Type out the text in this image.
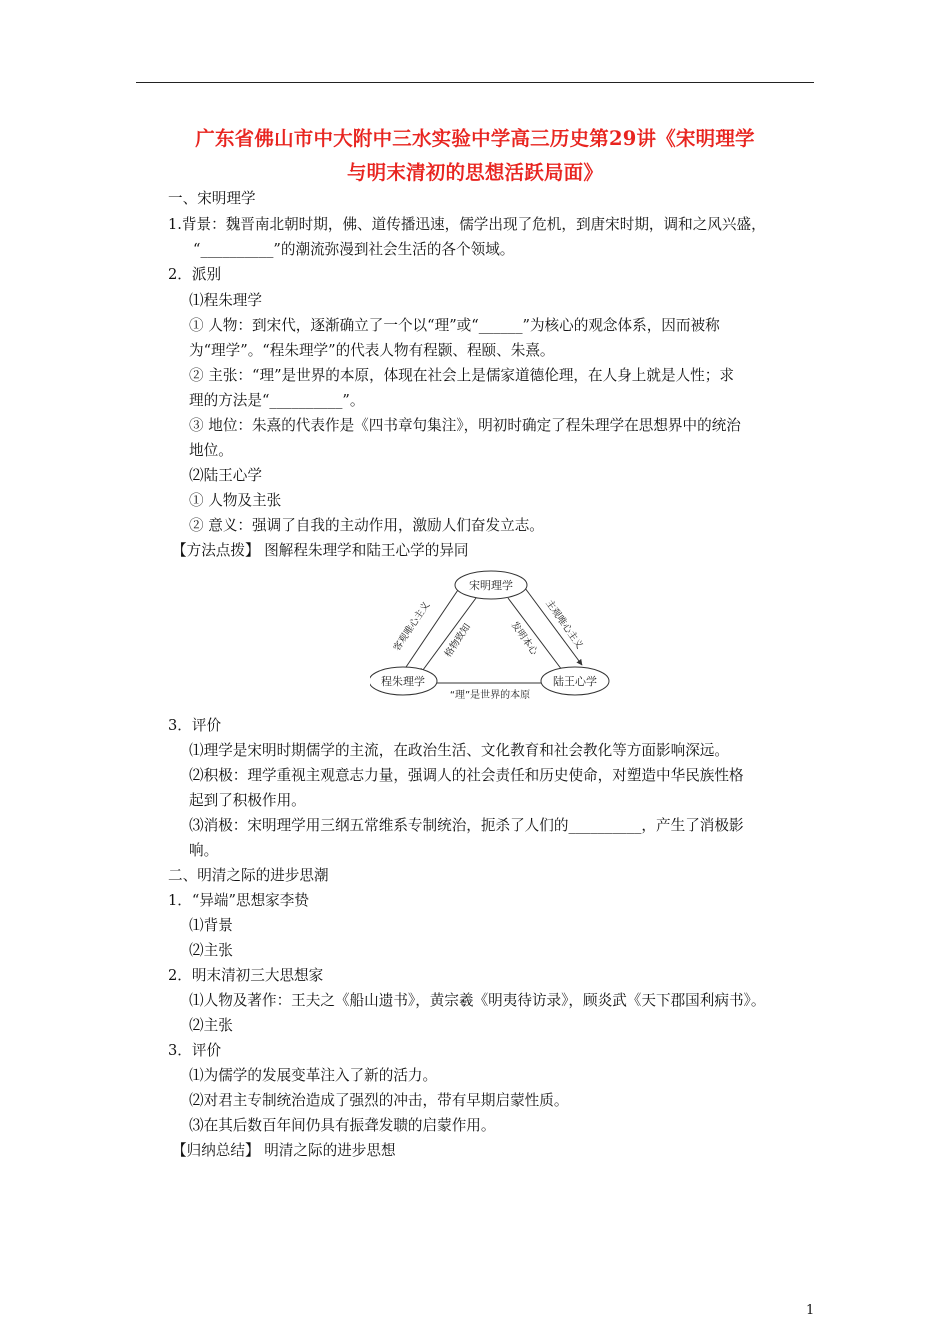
广东省佛山市中大附中三水实验中学高三历史第29讲《宋明理学
与明末清初的思想活跃局面》
一、宋明理学
1.背景：魏晋南北朝时期，佛、道传播迅速，儒学出现了危机，到唐宋时期，调和之风兴盛，
“__________”的潮流弥漫到社会生活的各个领域。
2．派别
⑴程朱理学
① 人物：到宋代，逐渐确立了一个以“理”或“______”为核心的观念体系，因而被称
为“理学”。“程朱理学”的代表人物有程颢、程颐、朱熹。
② 主张：“理”是世界的本原，体现在社会上是儒家道德伦理，在人身上就是人性；求
理的方法是“__________”。
③ 地位：朱熹的代表作是《四书章句集注》，明初时确定了程朱理学在思想界中的统治
地位。
⑵陆王心学
① 人物及主张
② 意义：强调了自我的主动作用，激励人们奋发立志。
【方法点拨】 图解程朱理学和陆王心学的异同
宋明理学
程朱理学	陆王心学
“理”是世界的本原
客观唯心主义 格物致知	主观唯心主义
发明本心
3．评价
⑴理学是宋明时期儒学的主流，在政治生活、文化教育和社会教化等方面影响深远。
⑵积极：理学重视主观意志力量，强调人的社会责任和历史使命，对塑造中华民族性格
起到了积极作用。
⑶消极：宋明理学用三纲五常维系专制统治，扼杀了人们的__________，产生了消极影
响。
二、明清之际的进步思潮
1．“异端”思想家李贽
⑴背景
⑵主张
2．明末清初三大思想家
⑴人物及著作：王夫之《船山遗书》，黄宗羲《明夷待访录》，顾炎武《天下郡国利病书》。
⑵主张
3．评价
⑴为儒学的发展变革注入了新的活力。
⑵对君主专制统治造成了强烈的冲击，带有早期启蒙性质。
⑶在其后数百年间仍具有振聋发聩的启蒙作用。
【归纳总结】 明清之际的进步思想
1
